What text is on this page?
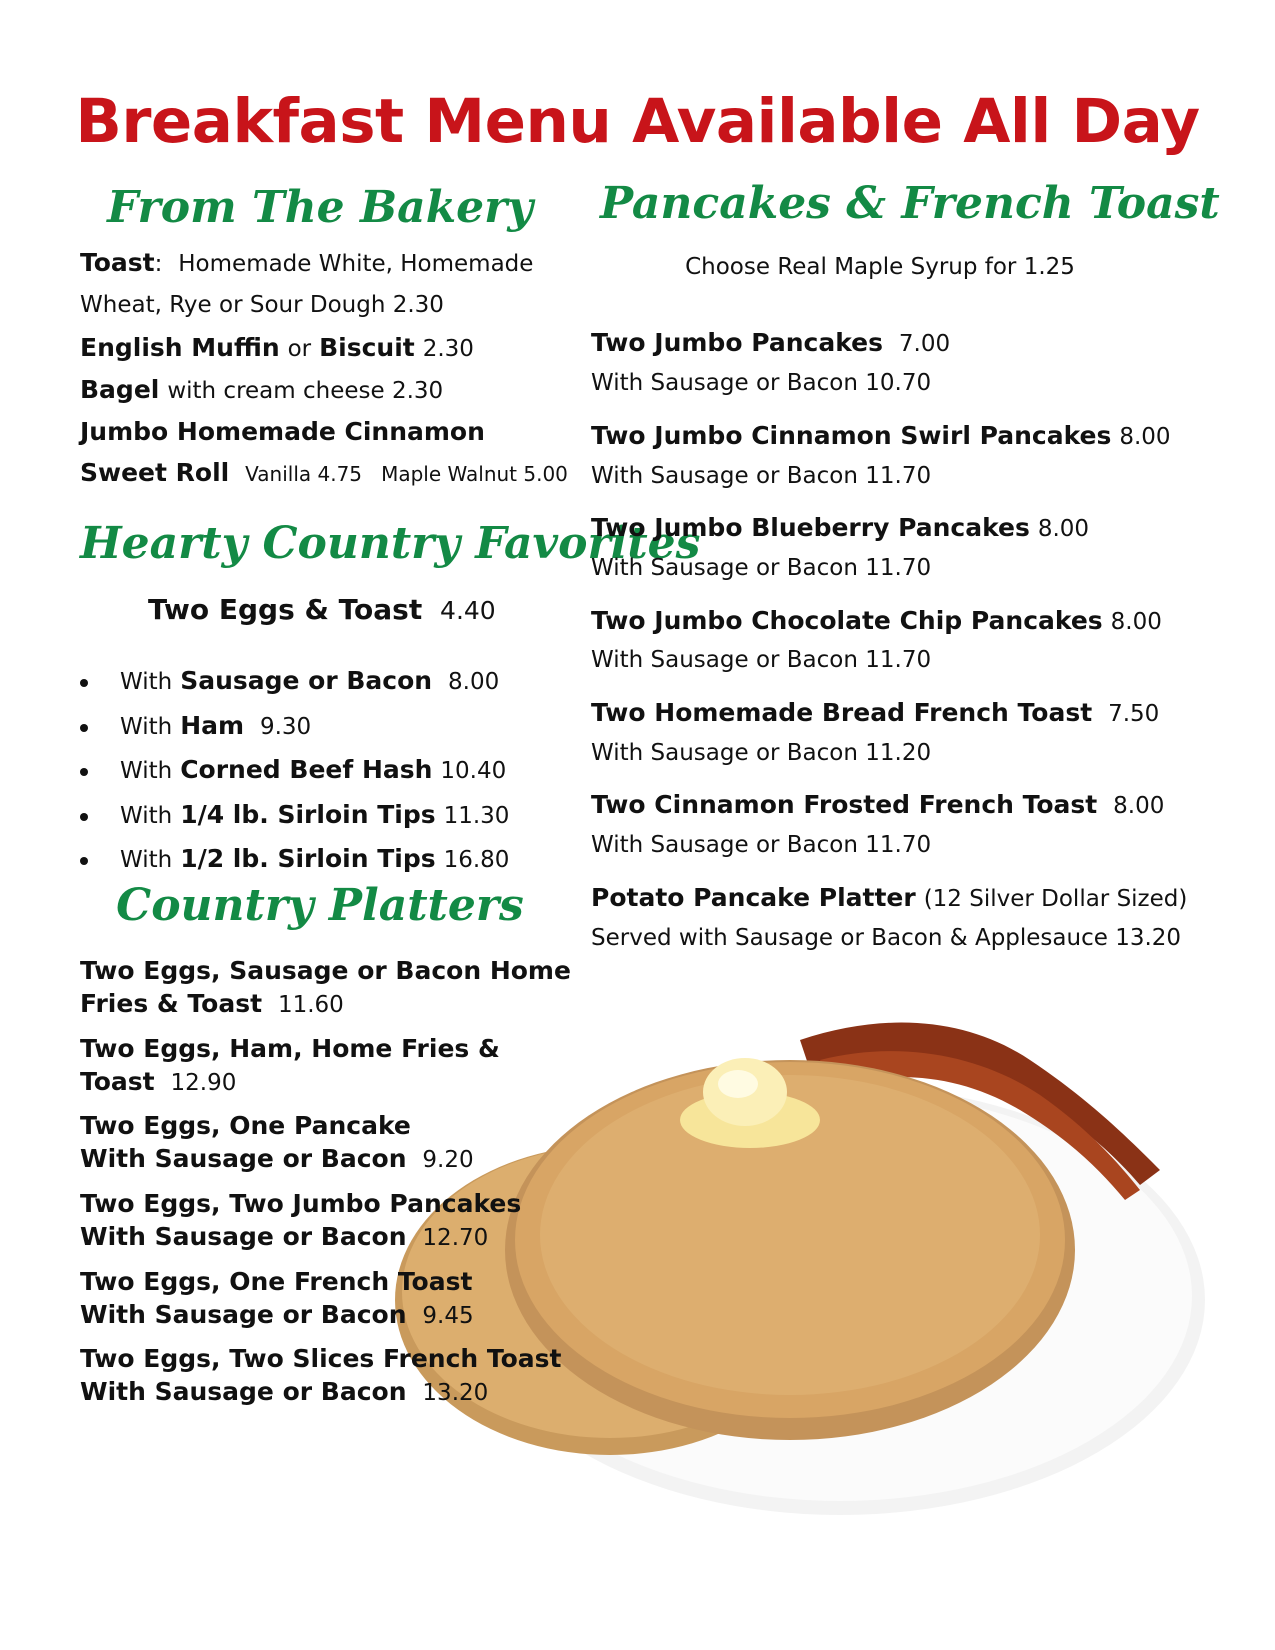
Breakfast Menu Available All Day
From The Bakery
Toast: Homemade White, Homemade
Wheat, Rye or Sour Dough 2.30
English Muffin or Biscuit 2.30
Bagel with cream cheese 2.30
Jumbo Homemade Cinnamon
Sweet Roll Vanilla 4.75   Maple Walnut 5.00
Hearty Country Favorites
Two Eggs & Toast 4.40
With Sausage or Bacon 8.00
With Ham 9.30
With Corned Beef Hash 10.40
With 1/4 lb. Sirloin Tips 11.30
With 1/2 lb. Sirloin Tips 16.80
Country Platters
Two Eggs, Sausage or Bacon Home
Fries & Toast 11.60
Two Eggs, Ham, Home Fries &
Toast 12.90
Two Eggs, One Pancake
With Sausage or Bacon 9.20
Two Eggs, Two Jumbo Pancakes
With Sausage or Bacon 12.70
Two Eggs, One French Toast
With Sausage or Bacon 9.45
Two Eggs, Two Slices French Toast
With Sausage or Bacon 13.20
Pancakes & French Toast
Choose Real Maple Syrup for 1.25
Two Jumbo Pancakes 7.00
With Sausage or Bacon 10.70
Two Jumbo Cinnamon Swirl Pancakes 8.00
With Sausage or Bacon 11.70
Two Jumbo Blueberry Pancakes 8.00
With Sausage or Bacon 11.70
Two Jumbo Chocolate Chip Pancakes 8.00
With Sausage or Bacon 11.70
Two Homemade Bread French Toast 7.50
With Sausage or Bacon 11.20
Two Cinnamon Frosted French Toast 8.00
With Sausage or Bacon 11.70
Potato Pancake Platter (12 Silver Dollar Sized)
Served with Sausage or Bacon & Applesauce 13.20
